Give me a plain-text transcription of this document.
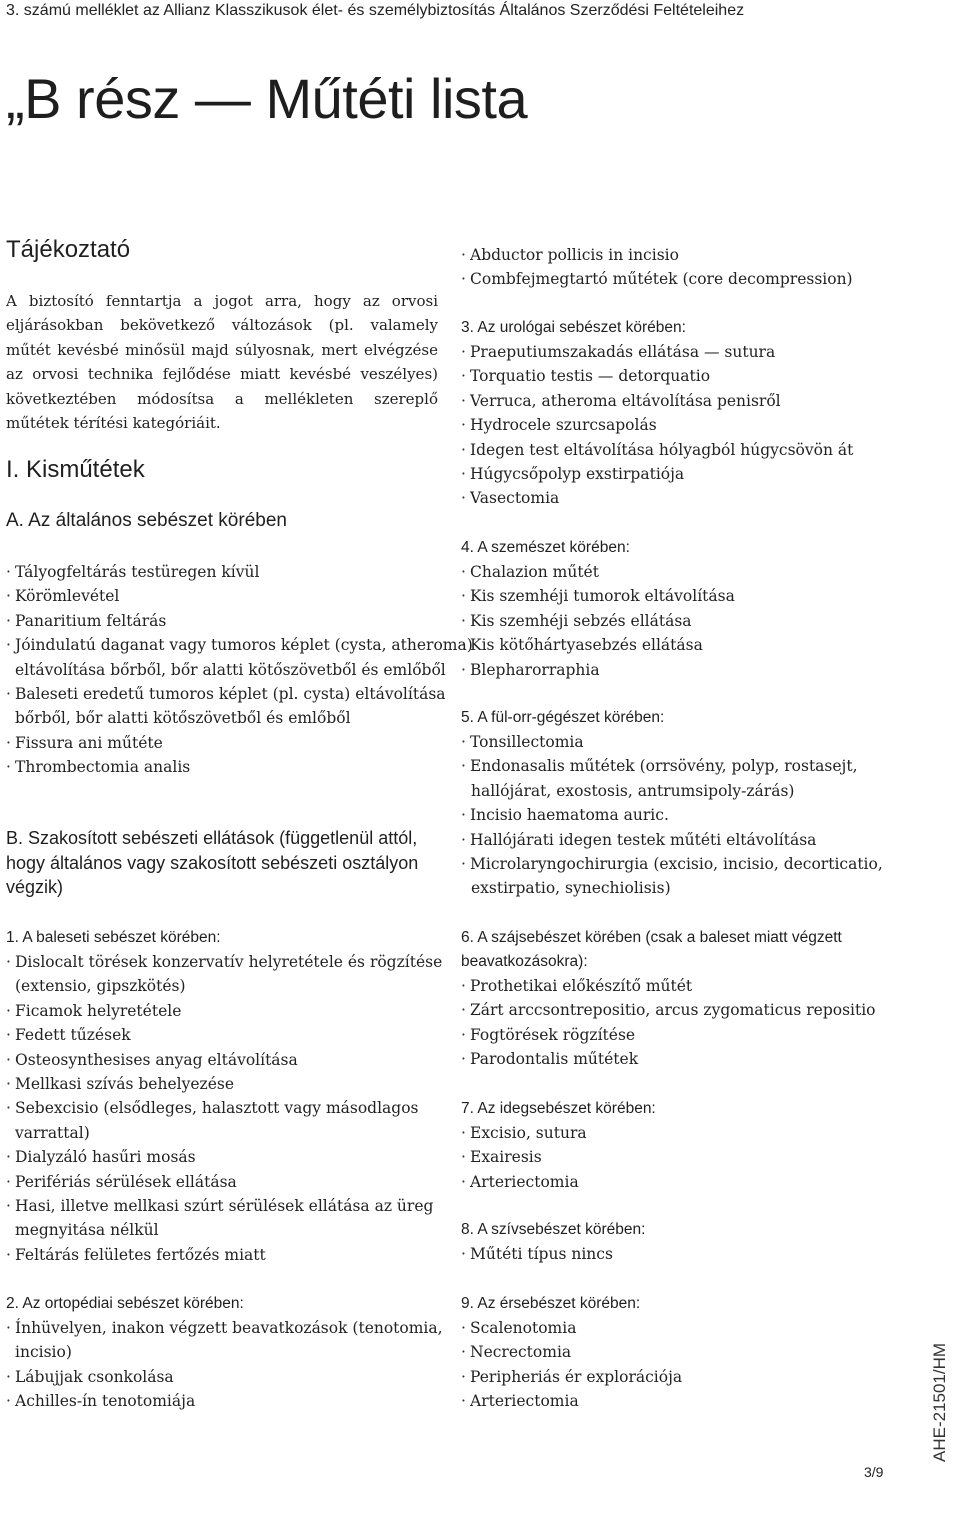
3. számú melléklet az Allianz Klasszikusok élet- és személybiztosítás Általános Szerződési Feltételeihez
„B rész — Műtéti lista
Tájékoztató

A biztosító fenntartja a jogot arra, hogy az orvosi eljárásokban bekövetkező változások (pl. valamely műtét kevésbé minősül majd súlyosnak, mert elvégzése az orvosi technika fejlődése miatt kevésbé veszélyes) következtében módosítsa a mellékleten szereplő műtétek térítési kategóriáit.

I. Kisműtétek
A. Az általános sebészet körében
· Tályogfeltárás testüregen kívül
· Körömlevétel
· Panaritium feltárás
· Jóindulatú daganat vagy tumoros képlet (cysta, atheroma)
eltávolítása bőrből, bőr alatti kötőszövetből és emlőből
· Baleseti eredetű tumoros képlet (pl. cysta) eltávolítása
bőrből, bőr alatti kötőszövetből és emlőből
· Fissura ani műtéte
· Thrombectomia analis
B. Szakosított sebészeti ellátások (függetlenül attól, hogy általános vagy szakosított sebészeti osztályon végzik)
1. A baleseti sebészet körében:
· Dislocalt törések konzervatív helyretétele és rögzítése
(extensio, gipszkötés)
· Ficamok helyretétele
· Fedett tűzések
· Osteosynthesises anyag eltávolítása
· Mellkasi szívás behelyezése
· Sebexcisio (elsődleges, halasztott vagy másodlagos
varrattal)
· Dialyzáló hasűri mosás
· Perifériás sérülések ellátása
· Hasi, illetve mellkasi szúrt sérülések ellátása az üreg
megnyitása nélkül
· Feltárás felületes fertőzés miatt
2. Az ortopédiai sebészet körében:
· Ínhüvelyen, inakon végzett beavatkozások (tenotomia,
incisio)
· Lábujjak csonkolása
· Achilles-ín tenotomiája
· Abductor pollicis in incisio
· Combfejmegtartó műtétek (core decompression)
3. Az urológai sebészet körében:
· Praeputiumszakadás ellátása — sutura
· Torquatio testis — detorquatio
· Verruca, atheroma eltávolítása penisről
· Hydrocele szurcsapolás
· Idegen test eltávolítása hólyagból húgycsövön át
· Húgycsőpolyp exstirpatiója
· Vasectomia
4. A szemészet körében:
· Chalazion műtét
· Kis szemhéji tumorok eltávolítása
· Kis szemhéji sebzés ellátása
· Kis kötőhártyasebzés ellátása
· Blepharorraphia
5. A fül-orr-gégészet körében:
· Tonsillectomia
· Endonasalis műtétek (orrsövény, polyp, rostasejt,
hallójárat, exostosis, antrumsipoly-zárás)
· Incisio haematoma auric.
· Hallójárati idegen testek műtéti eltávolítása
· Microlaryngochirurgia (excisio, incisio, decorticatio,
exstirpatio, synechiolisis)
6. A szájsebészet körében (csak a baleset miatt végzett
beavatkozásokra):
· Prothetikai előkészítő műtét
· Zárt arccsontrepositio, arcus zygomaticus repositio
· Fogtörések rögzítése
· Parodontalis műtétek
7. Az idegsebészet körében:
· Excisio, sutura
· Exairesis
· Arteriectomia
8. A szívsebészet körében:
· Műtéti típus nincs
9. Az érsebészet körében:
· Scalenotomia
· Necrectomia
· Peripheriás ér explorációja
· Arteriectomia	AHE-21501/HM
3/9
